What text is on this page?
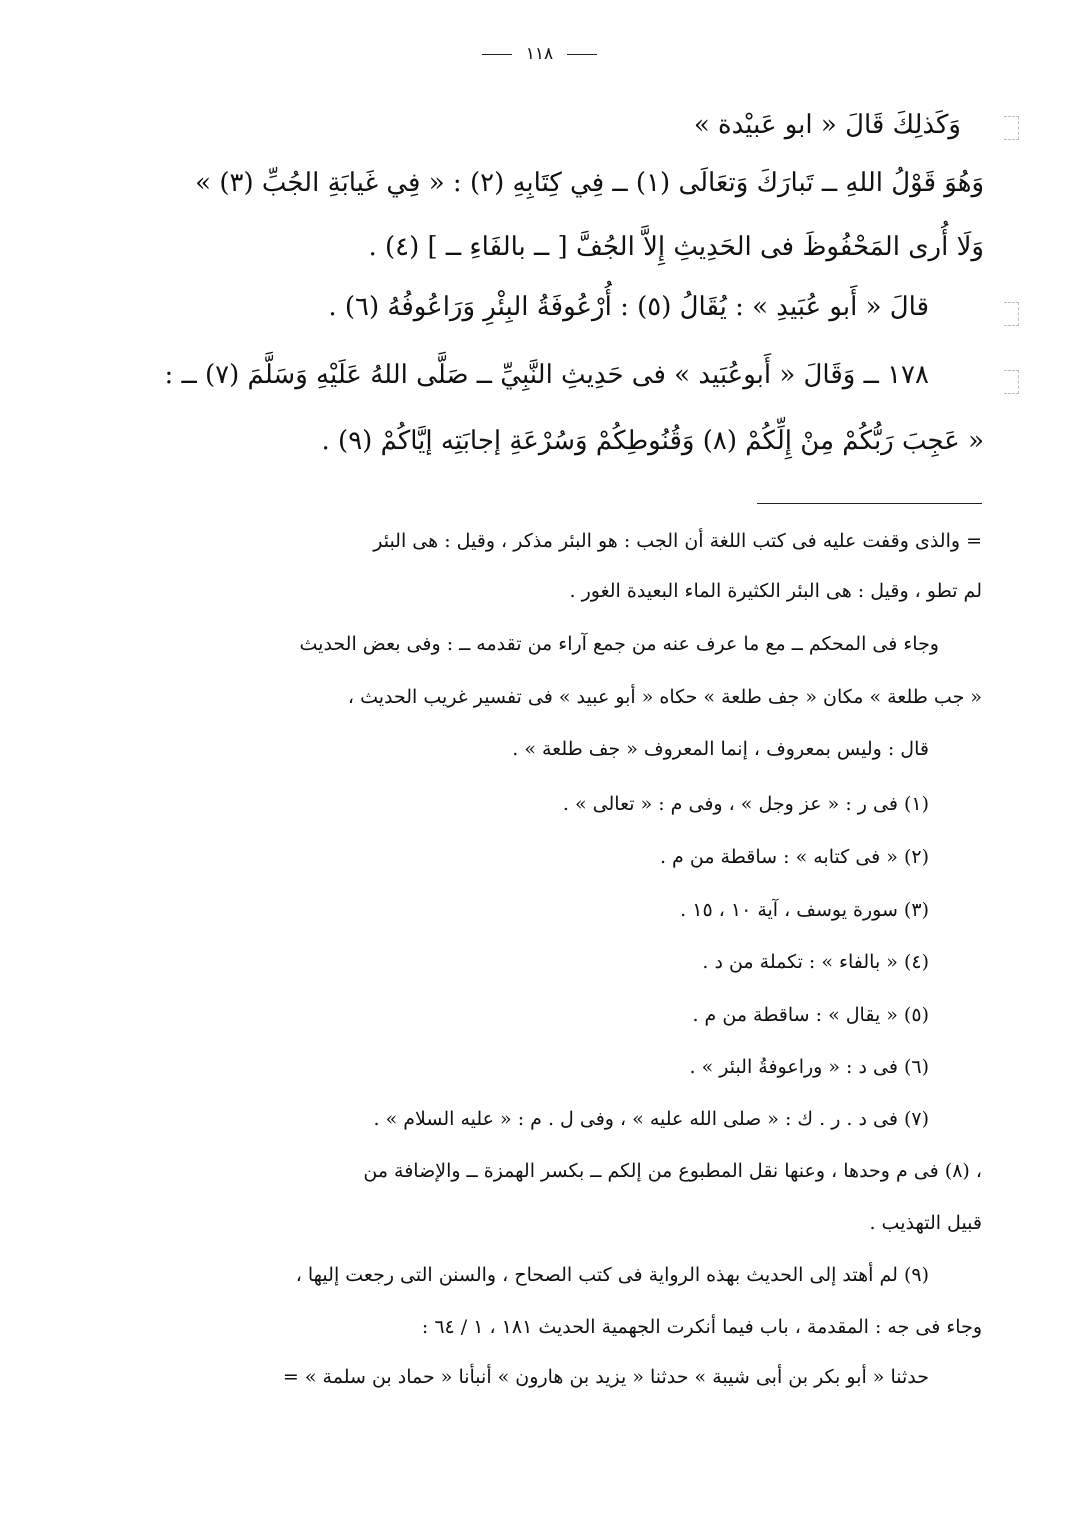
١١٨
وَكَذلِكَ قَالَ « ابو عَبيْدة »
وَهُوَ قَوْلُ اللهِ ــ تَبارَكَ وَتعَالَى (١) ــ فِي كِتَابِهِ (٢) : « فِي غَيابَةِ الجُبِّ (٣) »
وَلَا أُرى المَحْفُوظَ فى الحَدِيثِ إِلاَّ الجُفَّ [ ــ بالفَاءِ ــ ] (٤) .
قالَ « أَبو عُبَيدِ » : يُقَالُ (٥) : أُرْعُوفَةُ البِئْرِ وَرَاعُوفُهُ (٦) .
١٧٨ ــ وَقَالَ « أَبوعُبَيد » فى حَدِيثِ النَّبِيِّ ــ صَلَّى اللهُ عَلَيْهِ وَسَلَّمَ (٧) ــ :
« عَجِبَ رَبُّكُمْ مِنْ إِلِّكُمْ (٨) وَقُنُوطِكُمْ وَسُرْعَةِ إجابَتِه إيَّاكُمْ (٩) .
= والذى وقفت عليه فى كتب اللغة أن الجب : هو البئر مذكر ، وقيل : هى البئر
لم تطو ، وقيل : هى البئر الكثيرة الماء البعيدة الغور .
وجاء فى المحكم ــ مع ما عرف عنه من جمع آراء من تقدمه ــ : وفى بعض الحديث
« جب طلعة » مكان « جف طلعة » حكاه « أبو عبيد » فى تفسير غريب الحديث ،
قال : وليس بمعروف ، إنما المعروف « جف طلعة » .
(١) فى ر : « عز وجل » ، وفى م : « تعالى » .
(٢) « فى كتابه » : ساقطة من م .
(٣) سورة يوسف ، آية ١٠ ، ١٥ .
(٤) « بالفاء » : تكملة من د .
(٥) « يقال » : ساقطة من م .
(٦) فى د : « وراعوفةُ البئر » .
(٧) فى د . ر . ك : « صلى الله عليه » ، وفى ل . م : « عليه السلام » .
، (٨) فى م وحدها ، وعنها نقل المطبوع من إلكم ــ بكسر الهمزة ــ والإضافة من
قبيل التهذيب .
(٩) لم أهتد إلى الحديث بهذه الرواية فى كتب الصحاح ، والسنن التى رجعت إليها ،
وجاء فى جه : المقدمة ، باب فيما أنكرت الجهمية الحديث ١٨١ ، ١ / ٦٤ :
حدثنا « أبو بكر بن أبى شيبة » حدثنا « يزيد بن هارون » أنبأنا « حماد بن سلمة » =
